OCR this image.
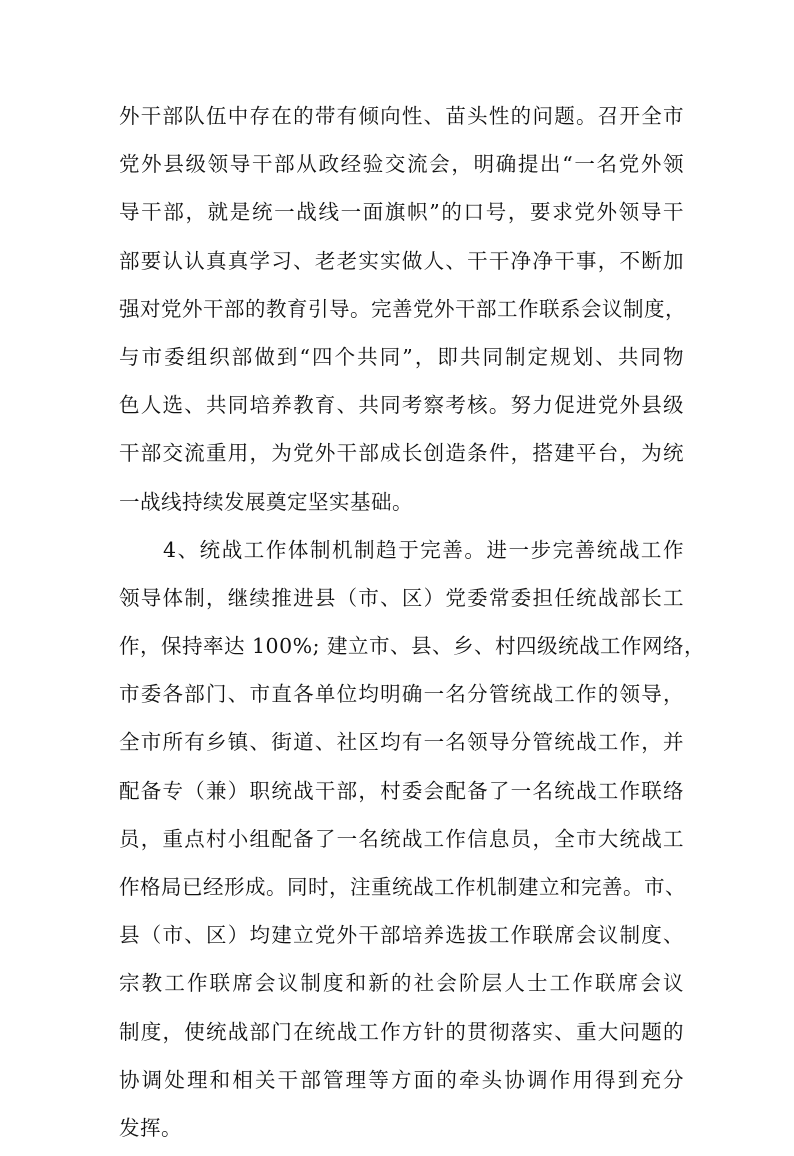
外干部队伍中存在的带有倾向性、苗头性的问题。召开全市
党外县级领导干部从政经验交流会，明确提出“一名党外领
导干部，就是统一战线一面旗帜”的口号，要求党外领导干
部要认认真真学习、老老实实做人、干干净净干事，不断加
强对党外干部的教育引导。完善党外干部工作联系会议制度，
与市委组织部做到“四个共同”，即共同制定规划、共同物
色人选、共同培养教育、共同考察考核。努力促进党外县级
干部交流重用，为党外干部成长创造条件，搭建平台，为统
一战线持续发展奠定坚实基础。
4、统战工作体制机制趋于完善。进一步完善统战工作
领导体制，继续推进县（市、区）党委常委担任统战部长工
作，保持率达 100%; 建立市、县、乡、村四级统战工作网络，
市委各部门、市直各单位均明确一名分管统战工作的领导，
全市所有乡镇、街道、社区均有一名领导分管统战工作，并
配备专（兼）职统战干部，村委会配备了一名统战工作联络
员，重点村小组配备了一名统战工作信息员，全市大统战工
作格局已经形成。同时，注重统战工作机制建立和完善。市、
县（市、区）均建立党外干部培养选拔工作联席会议制度、
宗教工作联席会议制度和新的社会阶层人士工作联席会议
制度，使统战部门在统战工作方针的贯彻落实、重大问题的
协调处理和相关干部管理等方面的牵头协调作用得到充分
发挥。
